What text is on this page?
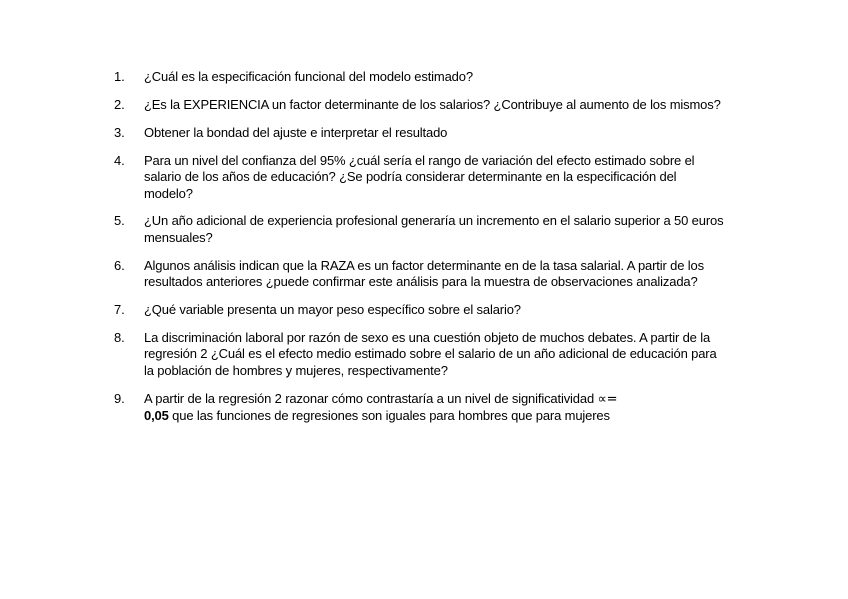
1.	¿Cuál es la especificación funcional del modelo estimado?
2.	¿Es la EXPERIENCIA un factor determinante de los salarios? ¿Contribuye al aumento de los mismos?
3.	Obtener la bondad del ajuste e interpretar el resultado
4.	Para un nivel del confianza del 95% ¿cuál sería el rango de variación del efecto estimado sobre el salario de los años de educación? ¿Se podría considerar determinante en la especificación del modelo?
5.	¿Un año adicional de experiencia profesional generaría un incremento en el salario superior a 50 euros mensuales?
6.	Algunos análisis indican que la RAZA es un factor determinante en de la tasa salarial. A partir de los resultados anteriores ¿puede confirmar este análisis para la muestra de observaciones analizada?
7.	¿Qué variable presenta un mayor peso específico sobre el salario?
8.	La discriminación laboral por razón de sexo es una cuestión objeto de muchos debates. A partir de la regresión 2 ¿Cuál es el efecto medio estimado sobre el salario de un año adicional de educación para la población de hombres y mujeres, respectivamente?
9.	A partir de la regresión 2 razonar cómo contrastaría a un nivel de significatividad ∝=
0,05 que las funciones de regresiones son iguales para hombres que para mujeres
